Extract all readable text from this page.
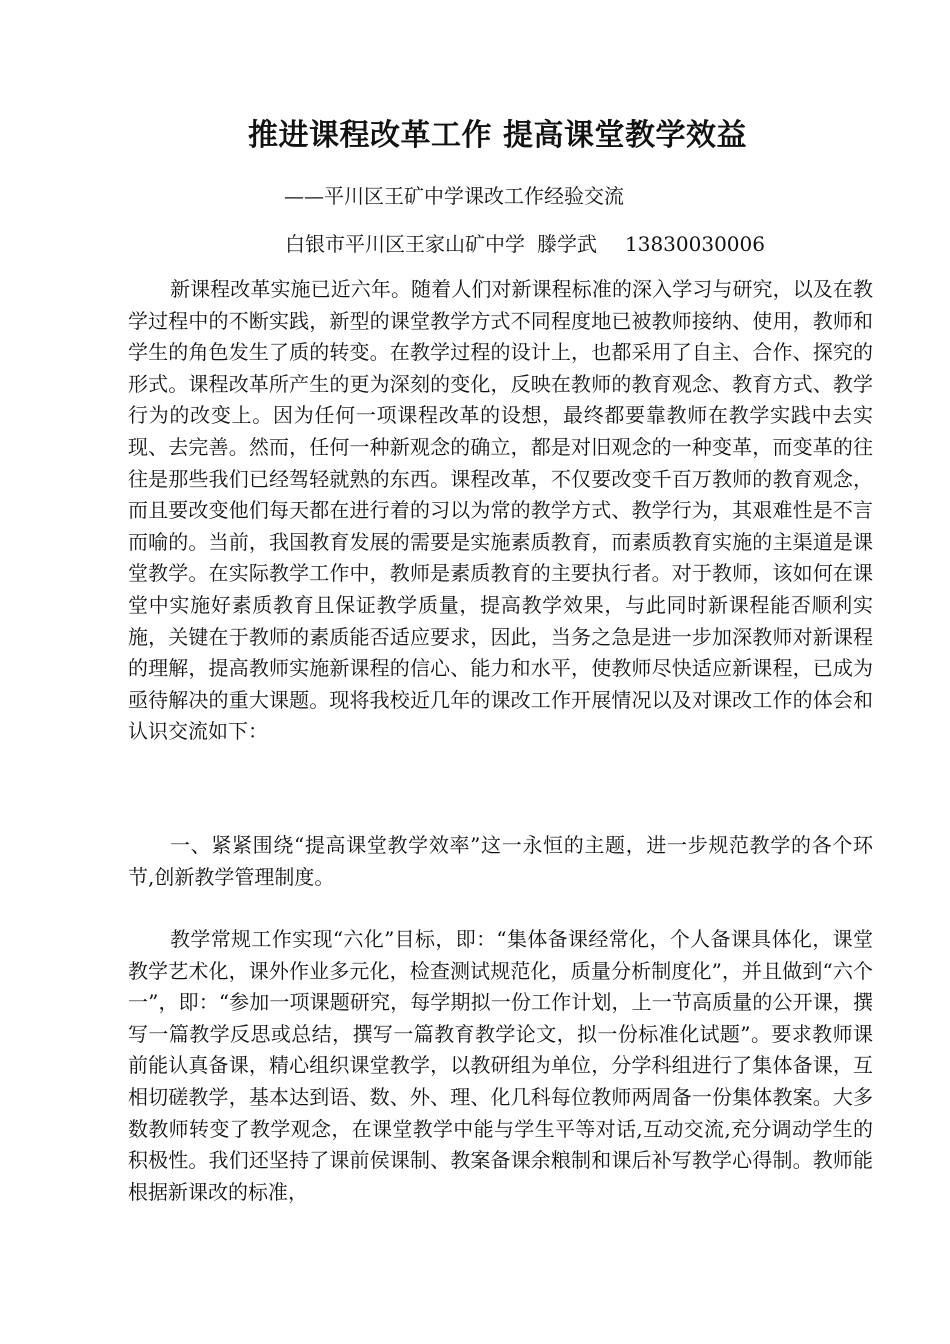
推进课程改革工作 提高课堂教学效益
——平川区王矿中学课改工作经验交流
白银市平川区王家山矿中学 滕学武 13830030006

新课程改革实施已近六年。随着人们对新课程标准的深入学习与研究，以及在教学过程中的不断实践，新型的课堂教学方式不同程度地已被教师接纳、使用，教师和学生的角色发生了质的转变。在教学过程的设计上，也都采用了自主、合作、探究的形式。课程改革所产生的更为深刻的变化，反映在教师的教育观念、教育方式、教学行为的改变上。因为任何一项课程改革的设想，最终都要靠教师在教学实践中去实现、去完善。然而，任何一种新观念的确立，都是对旧观念的一种变革，而变革的往往是那些我们已经驾轻就熟的东西。课程改革，不仅要改变千百万教师的教育观念，而且要改变他们每天都在进行着的习以为常的教学方式、教学行为，其艰难性是不言而喻的。当前，我国教育发展的需要是实施素质教育，而素质教育实施的主渠道是课堂教学。在实际教学工作中，教师是素质教育的主要执行者。对于教师，该如何在课堂中实施好素质教育且保证教学质量，提高教学效果，与此同时新课程能否顺利实施，关键在于教师的素质能否适应要求，因此，当务之急是进一步加深教师对新课程的理解，提高教师实施新课程的信心、能力和水平，使教师尽快适应新课程，已成为亟待解决的重大课题。现将我校近几年的课改工作开展情况以及对课改工作的体会和认识交流如下：

一、紧紧围绕“提高课堂教学效率”这一永恒的主题，进一步规范教学的各个环节,创新教学管理制度。

教学常规工作实现“六化”目标，即：“集体备课经常化，个人备课具体化，课堂教学艺术化，课外作业多元化，检查测试规范化，质量分析制度化”，并且做到“六个一”，即：“参加一项课题研究，每学期拟一份工作计划，上一节高质量的公开课，撰写一篇教学反思或总结，撰写一篇教育教学论文，拟一份标准化试题”。要求教师课前能认真备课，精心组织课堂教学，以教研组为单位，分学科组进行了集体备课，互相切磋教学，基本达到语、数、外、理、化几科每位教师两周备一份集体教案。大多数教师转变了教学观念，在课堂教学中能与学生平等对话,互动交流,充分调动学生的积极性。我们还坚持了课前侯课制、教案备课余粮制和课后补写教学心得制。教师能根据新课改的标准，
